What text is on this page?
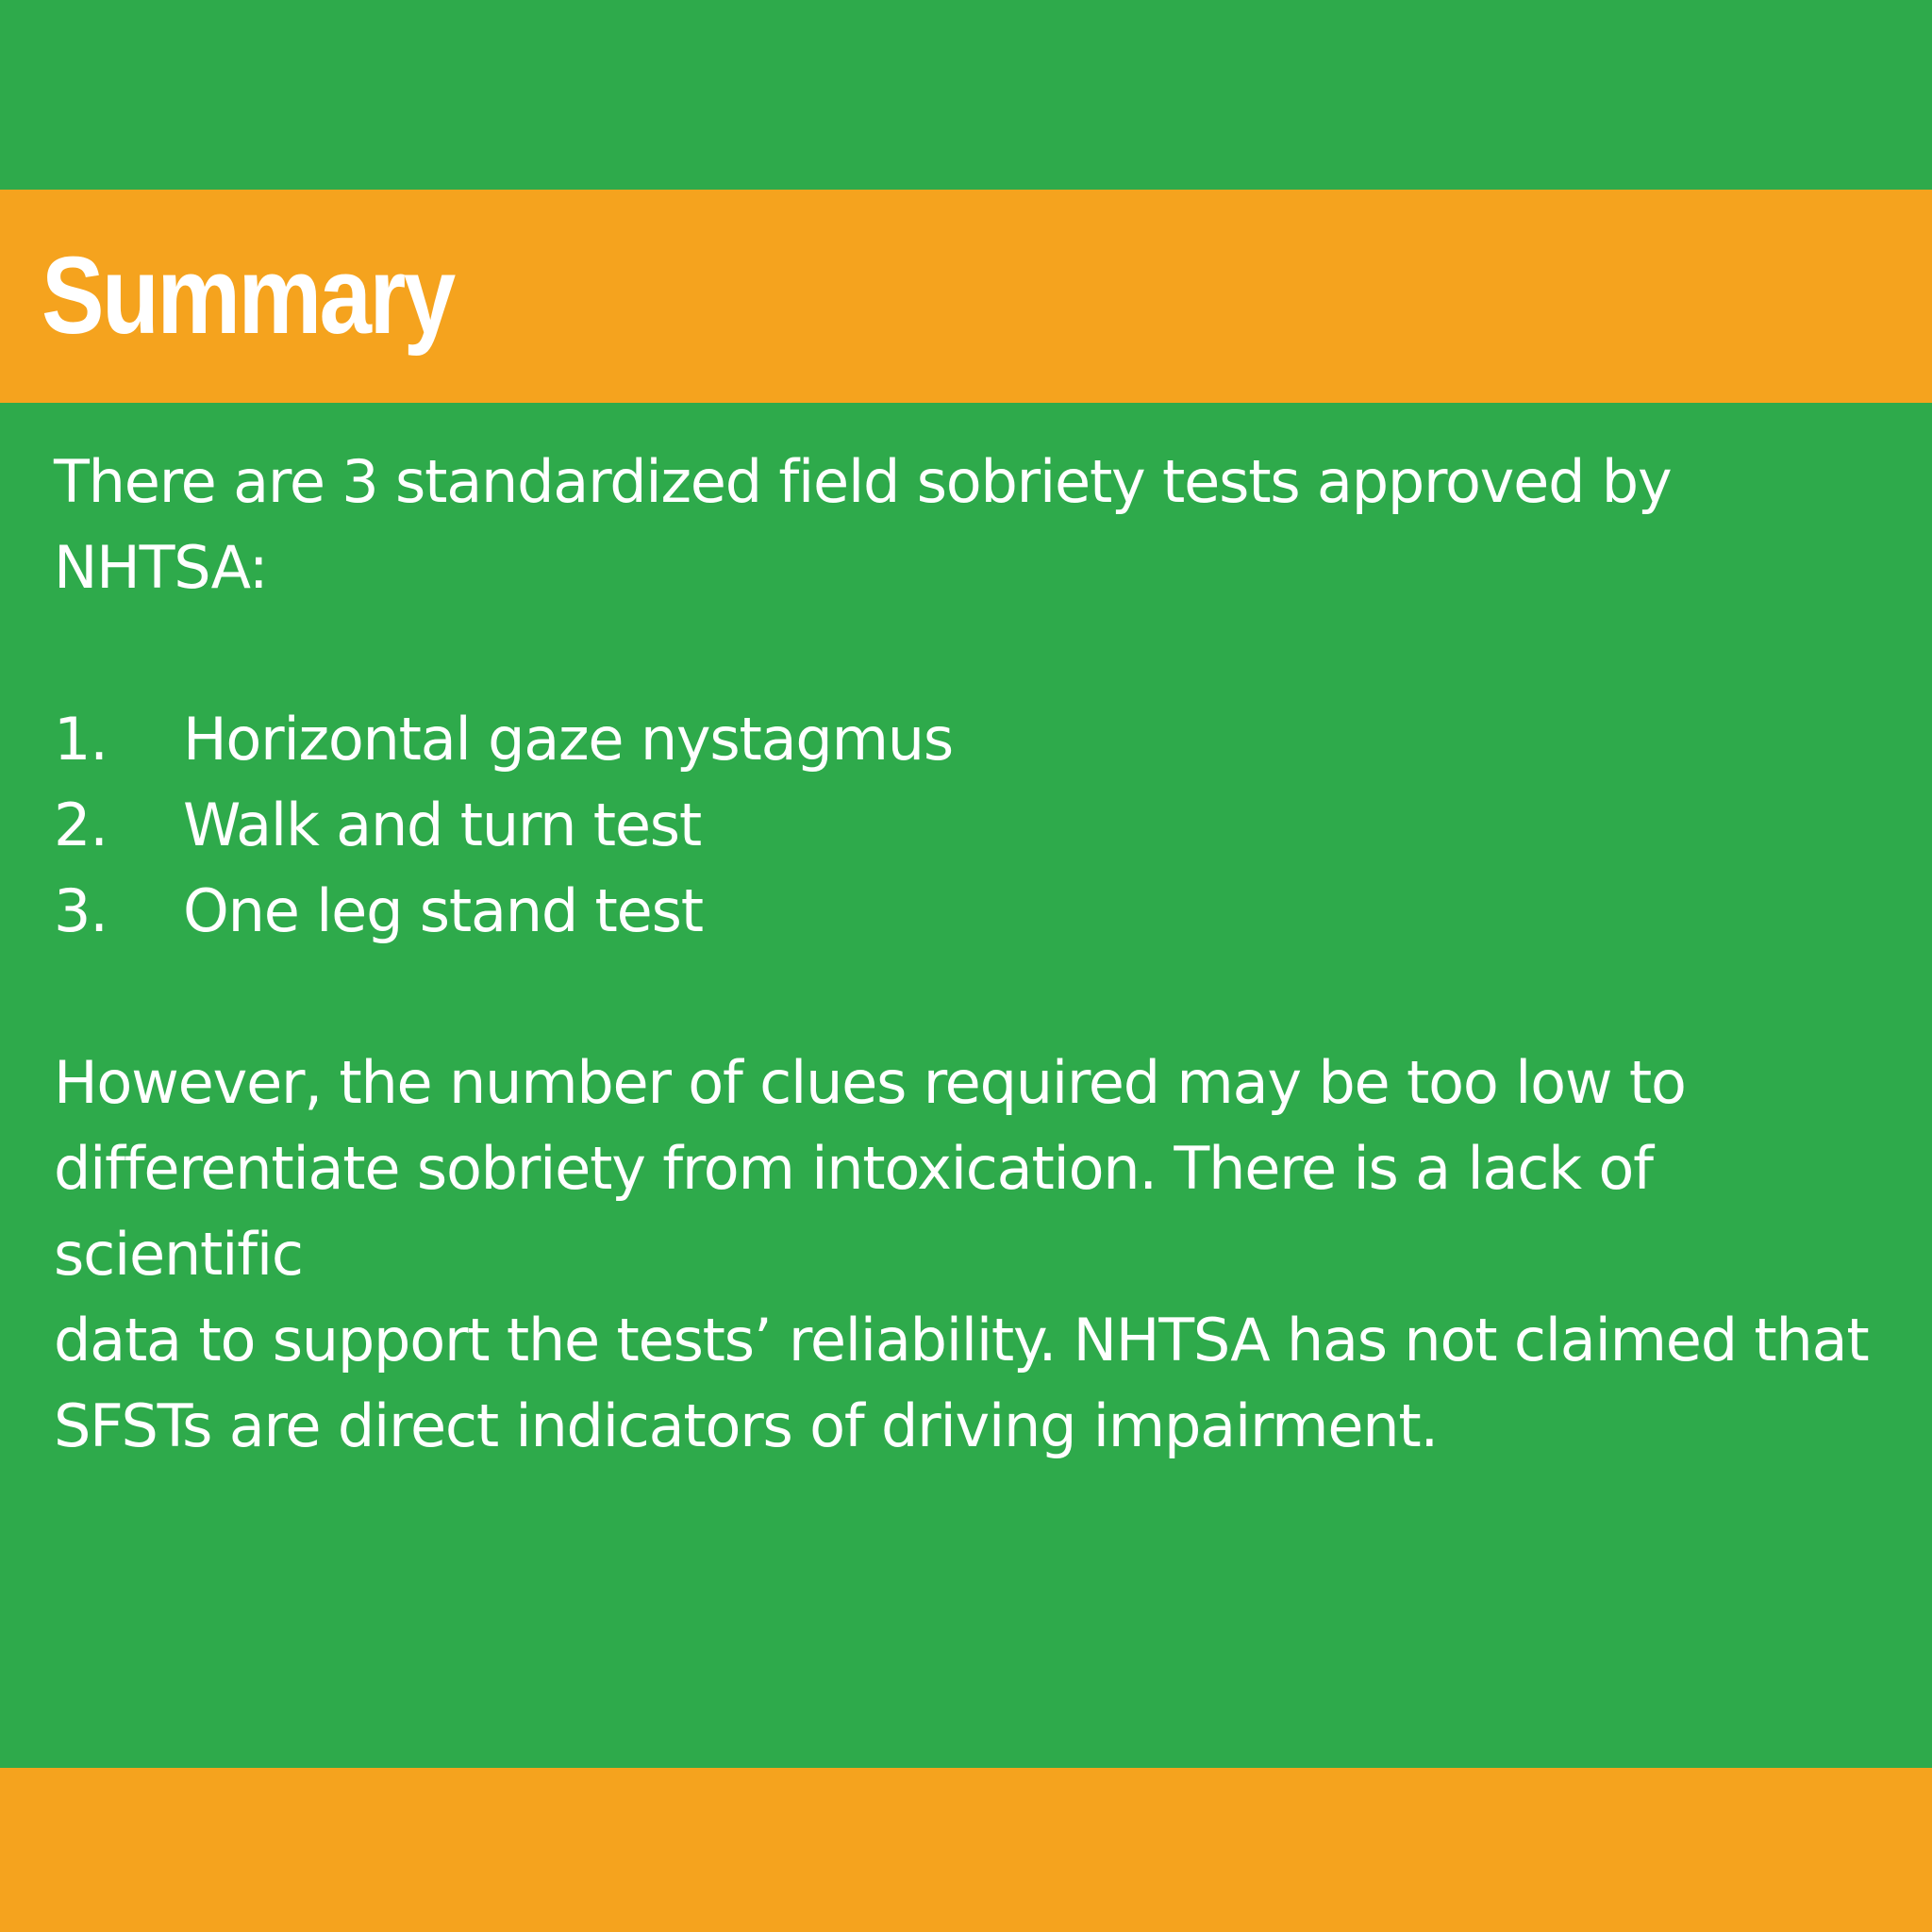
Summary

There are 3 standardized field sobriety tests approved by
NHTSA:

1.	Horizontal gaze nystagmus
2.	Walk and turn test
3.	One leg stand test

However, the number of clues required may be too low to
differentiate sobriety from intoxication. There is a lack of scientific
data to support the tests’ reliability. NHTSA has not claimed that
SFSTs are direct indicators of driving impairment.
